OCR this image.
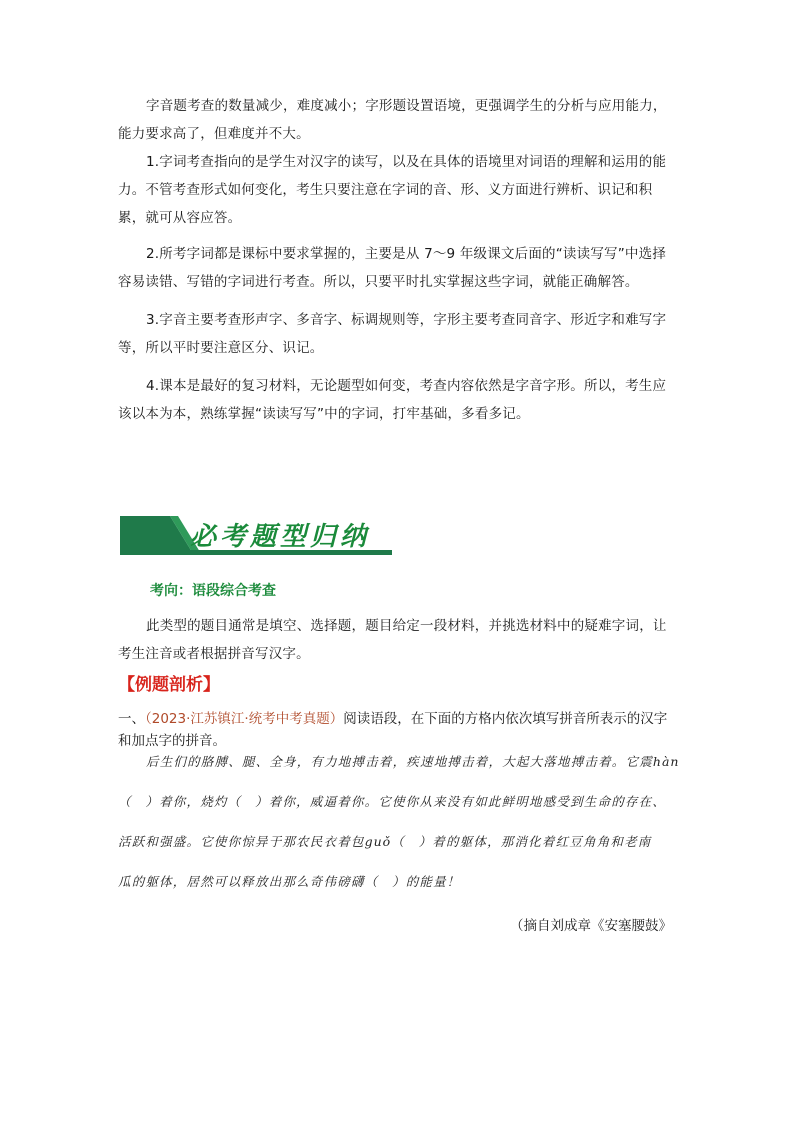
字音题考查的数量减少，难度减小；字形题设置语境，更强调学生的分析与应用能力，能力要求高了，但难度并不大。

1.字词考查指向的是学生对汉字的读写，以及在具体的语境里对词语的理解和运用的能力。不管考查形式如何变化，考生只要注意在字词的音、形、义方面进行辨析、识记和积累，就可从容应答。

2.所考字词都是课标中要求掌握的，主要是从 7～9 年级课文后面的“读读写写”中选择容易读错、写错的字词进行考查。所以，只要平时扎实掌握这些字词，就能正确解答。

3.字音主要考查形声字、多音字、标调规则等，字形主要考查同音字、形近字和难写字等，所以平时要注意区分、识记。

4.课本是最好的复习材料，无论题型如何变，考查内容依然是字音字形。所以，考生应该以本为本，熟练掌握“读读写写”中的字词，打牢基础，多看多记。

必考题型归纳
考向：语段综合考查

此类型的题目通常是填空、选择题，题目给定一段材料，并挑选材料中的疑难字词，让考生注音或者根据拼音写汉字。

【例题剖析】

一、（2023·江苏镇江·统考中考真题）阅读语段，在下面的方格内依次填写拼音所表示的汉字和加点字的拼音。

后生们的胳膊、腿、全身，有力地搏击着，疾速地搏击着，大起大落地搏击着。它震hàn

（　）着你，烧灼（　）着你，威逼着你。它使你从来没有如此鲜明地感受到生命的存在、

活跃和强盛。它使你惊异于那农民衣着包guǒ（　）着的躯体，那消化着红豆角角和老南

瓜的躯体，居然可以释放出那么奇伟磅礴（　）的能量！

（摘自刘成章《安塞腰鼓》
